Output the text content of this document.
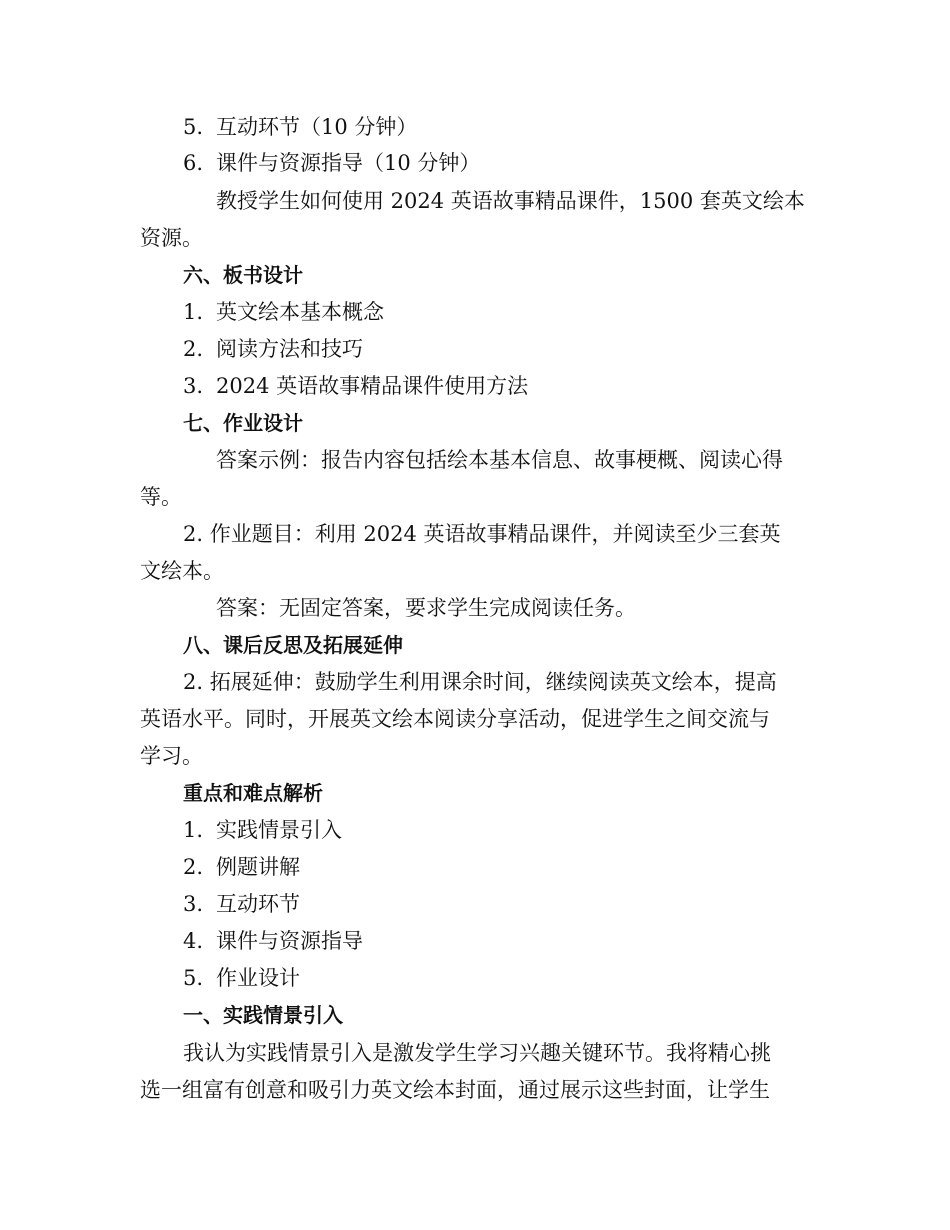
5. 互动环节（10 分钟）
6. 课件与资源指导（10 分钟）
教授学生如何使用 2024 英语故事精品课件，1500 套英文绘本
资源。
六、板书设计
1. 英文绘本基本概念
2. 阅读方法和技巧
3. 2024 英语故事精品课件使用方法
七、作业设计
答案示例：报告内容包括绘本基本信息、故事梗概、阅读心得
等。
2. 作业题目：利用 2024 英语故事精品课件，并阅读至少三套英
文绘本。
答案：无固定答案，要求学生完成阅读任务。
八、课后反思及拓展延伸
2. 拓展延伸：鼓励学生利用课余时间，继续阅读英文绘本，提高
英语水平。同时，开展英文绘本阅读分享活动，促进学生之间交流与
学习。
重点和难点解析
1. 实践情景引入
2. 例题讲解
3. 互动环节
4. 课件与资源指导
5. 作业设计
一、实践情景引入
我认为实践情景引入是激发学生学习兴趣关键环节。我将精心挑
选一组富有创意和吸引力英文绘本封面，通过展示这些封面，让学生
